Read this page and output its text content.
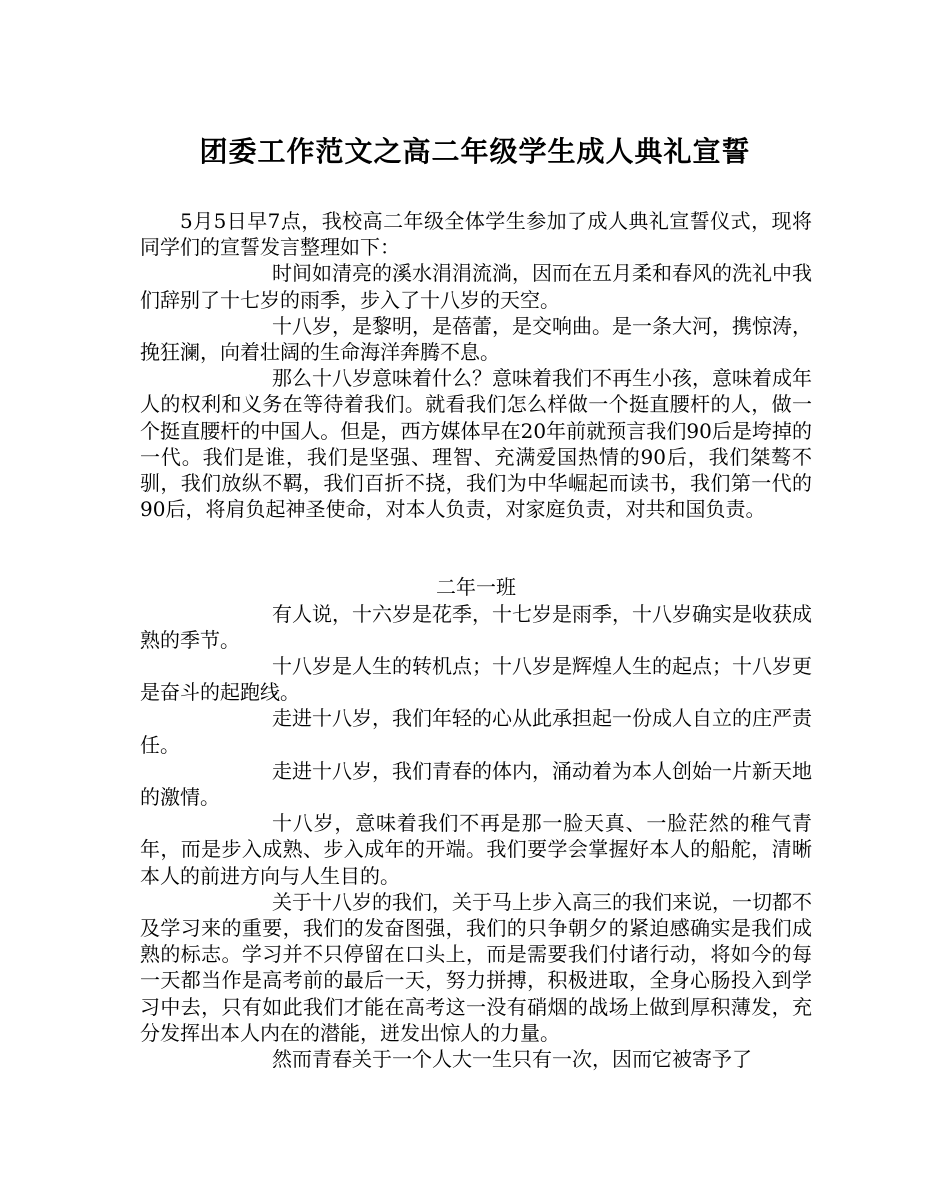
团委工作范文之高二年级学生成人典礼宣誓

5月5日早7点，我校高二年级全体学生参加了成人典礼宣誓仪式，现将同学们的宣誓发言整理如下：

时间如清亮的溪水涓涓流淌，因而在五月柔和春风的洗礼中我们辞别了十七岁的雨季，步入了十八岁的天空。

十八岁，是黎明，是蓓蕾，是交响曲。是一条大河，携惊涛，挽狂澜，向着壮阔的生命海洋奔腾不息。

那么十八岁意味着什么？意味着我们不再生小孩，意味着成年人的权利和义务在等待着我们。就看我们怎么样做一个挺直腰杆的人，做一个挺直腰杆的中国人。但是，西方媒体早在20年前就预言我们90后是垮掉的一代。我们是谁，我们是坚强、理智、充满爱国热情的90后，我们桀骜不驯，我们放纵不羁，我们百折不挠，我们为中华崛起而读书，我们第一代的90后，将肩负起神圣使命，对本人负责，对家庭负责，对共和国负责。

二年一班

有人说，十六岁是花季，十七岁是雨季，十八岁确实是收获成熟的季节。

十八岁是人生的转机点；十八岁是辉煌人生的起点；十八岁更是奋斗的起跑线。

走进十八岁，我们年轻的心从此承担起一份成人自立的庄严责任。

走进十八岁，我们青春的体内，涌动着为本人创始一片新天地的激情。

十八岁，意味着我们不再是那一脸天真、一脸茫然的稚气青年，而是步入成熟、步入成年的开端。我们要学会掌握好本人的船舵，清晰本人的前进方向与人生目的。

关于十八岁的我们，关于马上步入高三的我们来说，一切都不及学习来的重要，我们的发奋图强，我们的只争朝夕的紧迫感确实是我们成熟的标志。学习并不只停留在口头上，而是需要我们付诸行动，将如今的每一天都当作是高考前的最后一天，努力拼搏，积极进取，全身心肠投入到学习中去，只有如此我们才能在高考这一没有硝烟的战场上做到厚积薄发，充分发挥出本人内在的潜能，迸发出惊人的力量。

然而青春关于一个人大一生只有一次，因而它被寄予了
